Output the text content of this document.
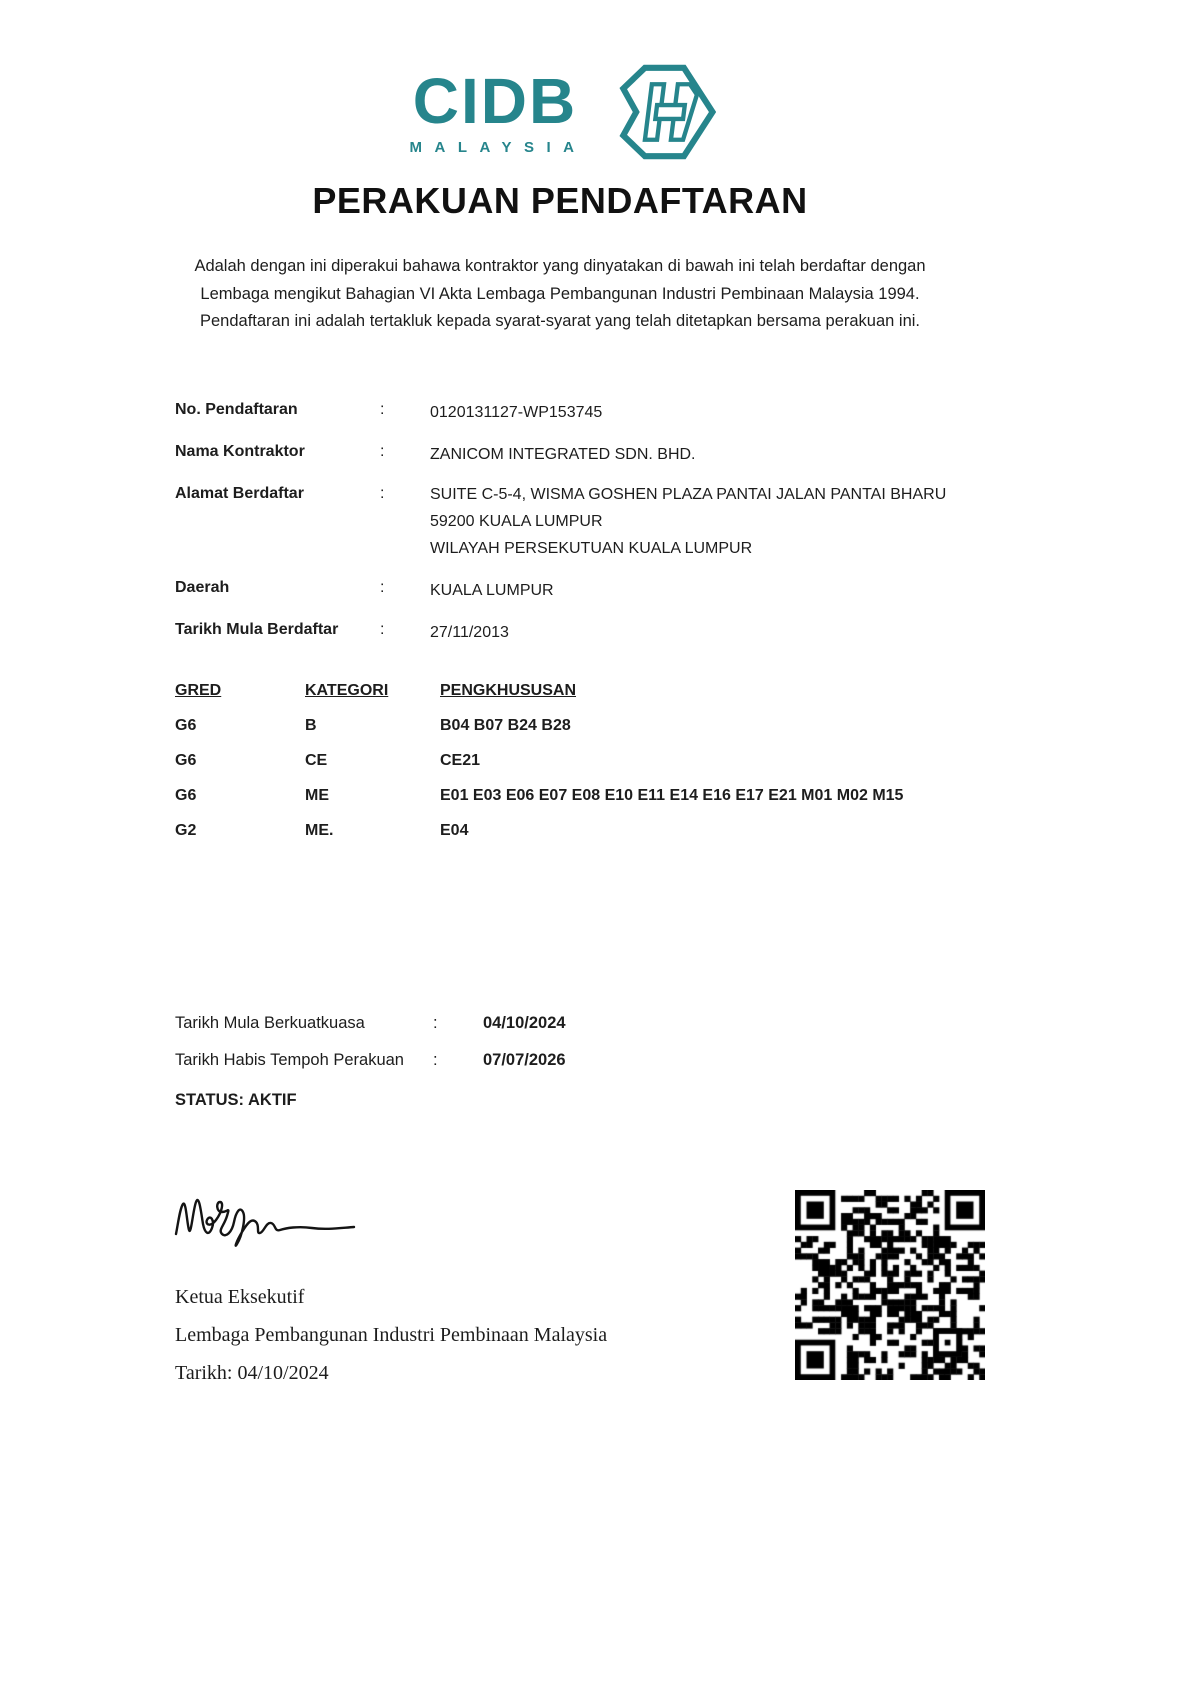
CIDB
MALAYSIA
PERAKUAN PENDAFTARAN
Adalah dengan ini diperakui bahawa kontraktor yang dinyatakan di bawah ini telah berdaftar dengan
Lembaga mengikut Bahagian VI Akta Lembaga Pembangunan Industri Pembinaan Malaysia 1994.
Pendaftaran ini adalah tertakluk kepada syarat-syarat yang telah ditetapkan bersama perakuan ini.
No. Pendaftaran	:	0120131127-WP153745
Nama Kontraktor	:	ZANICOM INTEGRATED SDN. BHD.
Alamat Berdaftar	:	SUITE C-5-4, WISMA GOSHEN PLAZA PANTAI JALAN PANTAI BHARU
59200 KUALA LUMPUR
WILAYAH PERSEKUTUAN KUALA LUMPUR
Daerah	:	KUALA LUMPUR
Tarikh Mula Berdaftar	:	27/11/2013
GRED	KATEGORI	PENGKHUSUSAN
G6	B	B04 B07 B24 B28
G6	CE	CE21
G6	ME	E01 E03 E06 E07 E08 E10 E11 E14 E16 E17 E21 M01 M02 M15
G2	ME.	E04
Tarikh Mula Berkuatkuasa	:	04/10/2024
Tarikh Habis Tempoh Perakuan	:	07/07/2026
STATUS: AKTIF
Ketua Eksekutif
Lembaga Pembangunan Industri Pembinaan Malaysia
Tarikh: 04/10/2024
